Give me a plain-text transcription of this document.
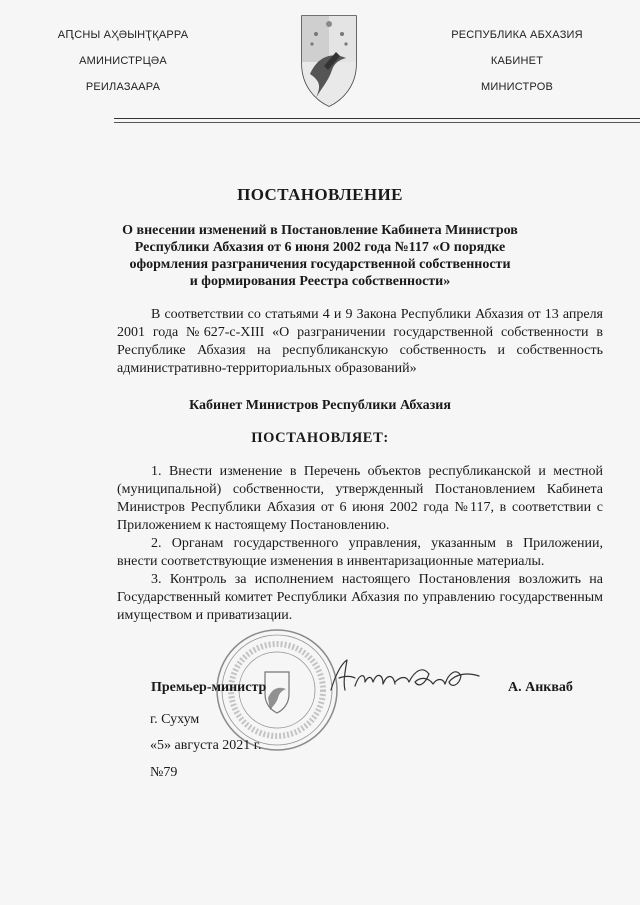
АԤСНЫ АҲӘЫНҬҚАРРА
АМИНИСТРЦӘА
РЕИЛАЗААРА
РЕСПУБЛИКА АБХАЗИЯ
КАБИНЕТ
МИНИСТРОВ
ПОСТАНОВЛЕНИЕ
О внесении изменений в Постановление Кабинета Министров
Республики Абхазия от 6 июня 2002 года №117 «О порядке
оформления разграничения государственной собственности
и формирования Реестра собственности»
В соответствии со статьями 4 и 9 Закона Республики Абхазия от 13 апреля 2001 года №627-с-XIII «О разграничении государственной собственности в Республике Абхазия на республиканскую собственность и собственность административно-территориальных образований»
Кабинет Министров Республики Абхазия
ПОСТАНОВЛЯЕТ:

1. Внести изменение в Перечень объектов республиканской и местной (муниципальной) собственности, утвержденный Постановлением Кабинета Министров Республики Абхазия от 6 июня 2002 года №117, в соответствии с Приложением к настоящему Постановлению.

2. Органам государственного управления, указанным в Приложении, внести соответствующие изменения в инвентаризационные материалы.

3. Контроль за исполнением настоящего Постановления возложить на Государственный комитет Республики Абхазия по управлению государственным имуществом и приватизации.

Премьер-министр	А. Анкваб
г. Сухум
«5» августа 2021 г.
№79
